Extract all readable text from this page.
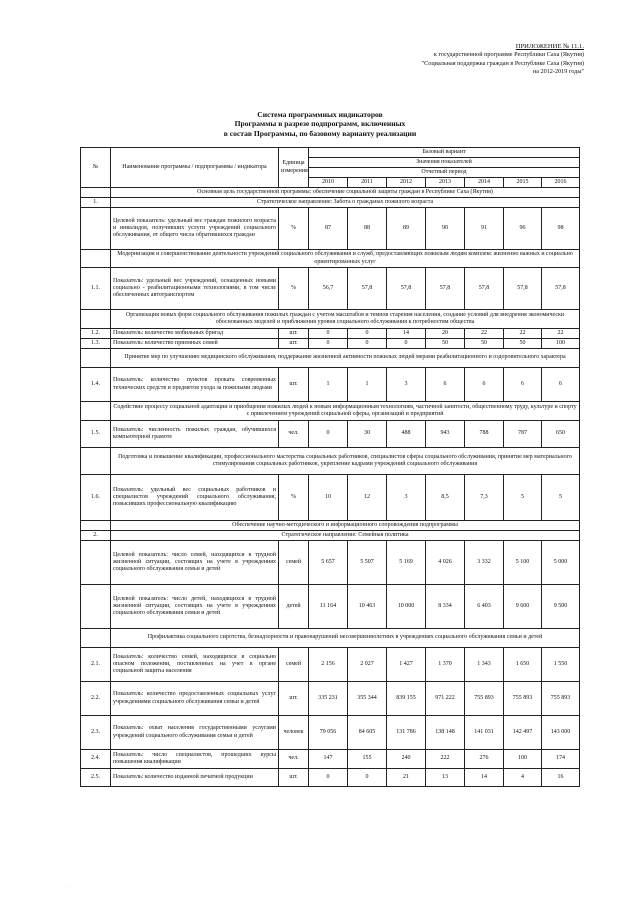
ПРИЛОЖЕНИЕ № 11.1.
к государственной программе Республики Саха (Якутия)
"Социальная поддержка граждан в Республике Саха (Якутия)
на 2012-2019 годы"
Система программных индикаторов
Программы в разрезе подпрограмм, включенных
в состав Программы, по базовому варианту реализации
№	Наименование программы / подпрограммы / индикатора	Единица измерения	Базовый вариант						
			Значения показателей						
			Отчетный период						
			2010	2011	2012	2013	2014	2015	2016
	Основная цель государственной программы: обеспечение социальной защиты граждан в Республике Саха (Якутия)								
1.	Стратегическое направление: Забота о гражданах пожилого возраста								
	Целевой показатель: удельный вес граждан пожилого возраста и инвалидов, получивших услуги учреждений социального обслуживания, от общего числа обратившихся граждан	%	87	88	89	90	91	96	98
	Модернизация и совершенствование деятельности учреждений социального обслуживания и служб, предоставляющих пожилым людям комплекс жизненно важных и социально ориентированных услуг								
1.1.	Показатель: удельный вес учреждений, оснащенных новыми социально - реабилитационными технологиями, в том числе обеспеченных автотранспортом	%	56,7	57,8	57,8	57,8	57,8	57,8	57,8
	Организация новых форм социального обслуживания пожилых граждан с учетом масштабов и темпов старения населения, создание условий для внедрения экономически обоснованных моделей и приближения уровня социального обслуживания к потребностям общества								
1.2.	Показатель: количество мобильных бригад	шт.	0	0	14	20	22	22	22
1.3.	Показатель: количество приемных семей	шт.	0	0	0	50	50	50	100
	Принятие мер по улучшению медицинского обслуживания, поддержание жизненной активности пожилых людей мерами реабилитационного и оздоровительного характера								
1.4.	Показатель: количество пунктов проката современных технических средств и предметов ухода за пожилыми людьми	шт.	1	1	3	6	6	6	6
	Содействие процессу социальной адаптации и приобщения пожилых людей к новым информационным технологиям, частичной занятости, общественному труду, культуре и спорту с привлечением учреждений социальной сферы, организаций и предприятий								
1.5.	Показатель: численность пожилых граждан, обучившихся компьютерной грамоте	чел.	0	30	488	943	788	787	650
	Подготовка и повышение квалификации, профессионального мастерства социальных работников, специалистов сферы социального обслуживания, принятие мер материального стимулирования социальных работников, укрепление кадрами учреждений социального обслуживания								
1.6.	Показатель: удельный вес социальных работников и специалистов учреждений социального обслуживания, повысивших профессиональную квалификацию	%	10	12	3	8,5	7,3	5	5
	Обеспечение научно-методического и информационного сопровождения подпрограммы								
2.	Стратегическое направление: Семейная политика								
	Целевой показатель: число семей, находящихся в трудной жизненной ситуации, состоящих на учете в учреждениях социального обслуживания семьи и детей	семей	5 657	5 507	5 169	4 026	3 332	5 100	5 000
	Целевой показатель: число детей, находящихся в трудной жизненной ситуации, состоящих на учете в учреждениях социального обслуживания семьи и детей	детей	11 164	10 463	10 000	8 334	6 403	9 600	9 500
	Профилактика социального сиротства, безнадзорности и правонарушений несовершеннолетних в учреждениях социального обслуживания семьи и детей								
2.1.	Показатель: количество семей, находящихся в социально опасном положении, поставленных на учет в органе социальной защиты населения	семей	2 156	2 027	1 427	1 370	1 343	1 650	1 550
2.2.	Показатель: количество предоставленных социальных услуг учреждениями социального обслуживания семьи и детей	шт.	335 231	355 344	839 155	971 222	755 893	755 893	755 893
2.3.	Показатель: охват населения государственными услугами учреждений социального обслуживания семьи и детей	человек	79 056	84 605	131 786	138 148	141 031	142 497	143 000
2.4.	Показатель: число специалистов, прошедших курсы повышения квалификации	чел.	147	155	240	222	276	100	174
2.5.	Показатель: количество изданной печатной продукции	шт.	0	0	21	13	14	4	16
·
